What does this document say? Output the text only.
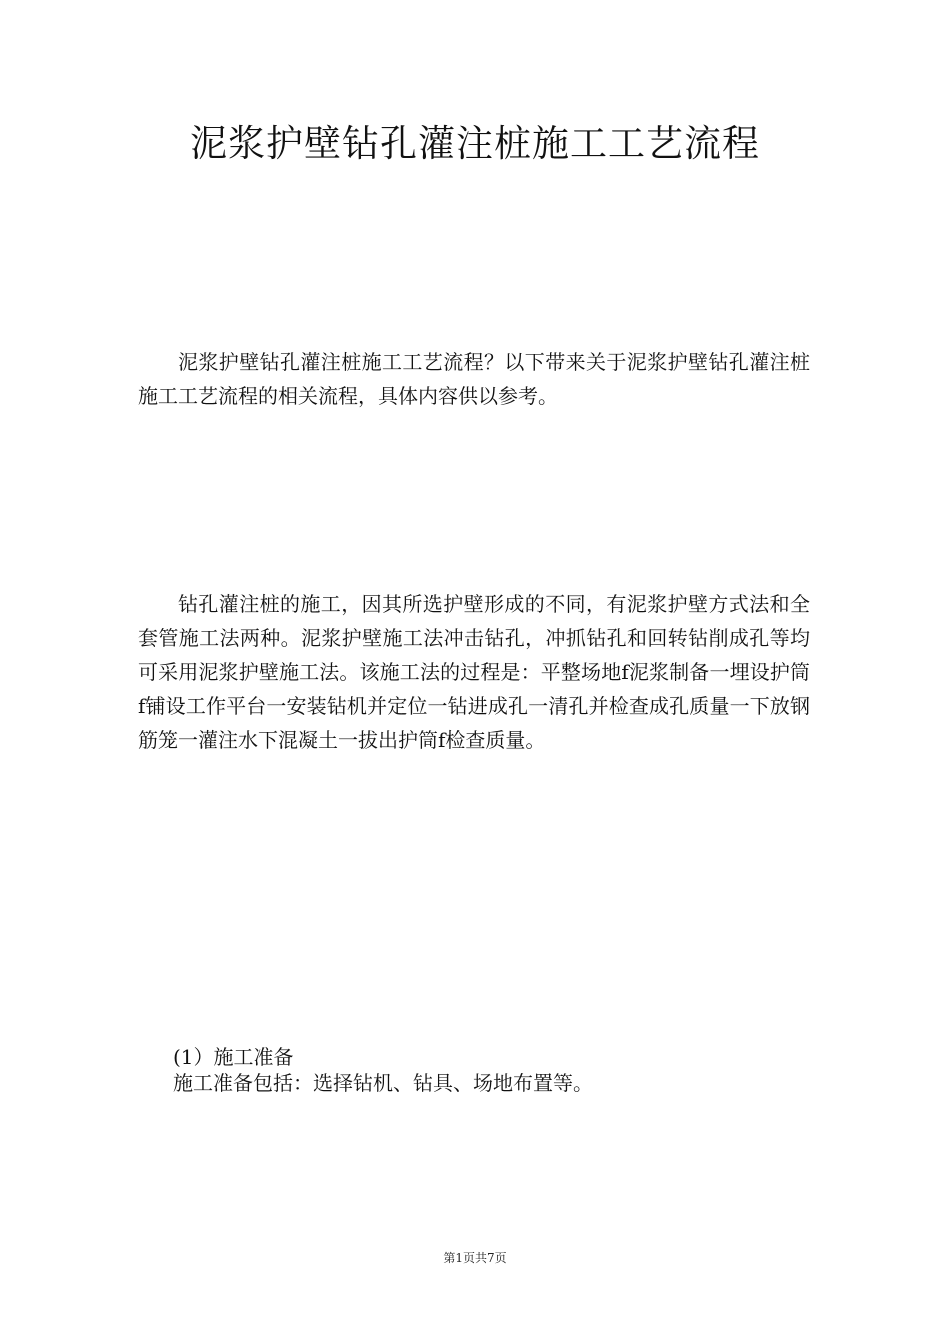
泥浆护壁钻孔灌注桩施工工艺流程

泥浆护壁钻孔灌注桩施工工艺流程？以下带来关于泥浆护壁钻孔灌注桩施工工艺流程的相关流程，具体内容供以参考。

钻孔灌注桩的施工，因其所选护壁形成的不同，有泥浆护壁方式法和全套管施工法两种。泥浆护壁施工法冲击钻孔，冲抓钻孔和回转钻削成孔等均可采用泥浆护壁施工法。该施工法的过程是：平整场地f泥浆制备一埋设护筒f铺设工作平台一安装钻机并定位一钻进成孔一清孔并检查成孔质量一下放钢筋笼一灌注水下混凝土一拔出护筒f检查质量。

(1）施工准备

施工准备包括：选择钻机、钻具、场地布置等。

第1页共7页
